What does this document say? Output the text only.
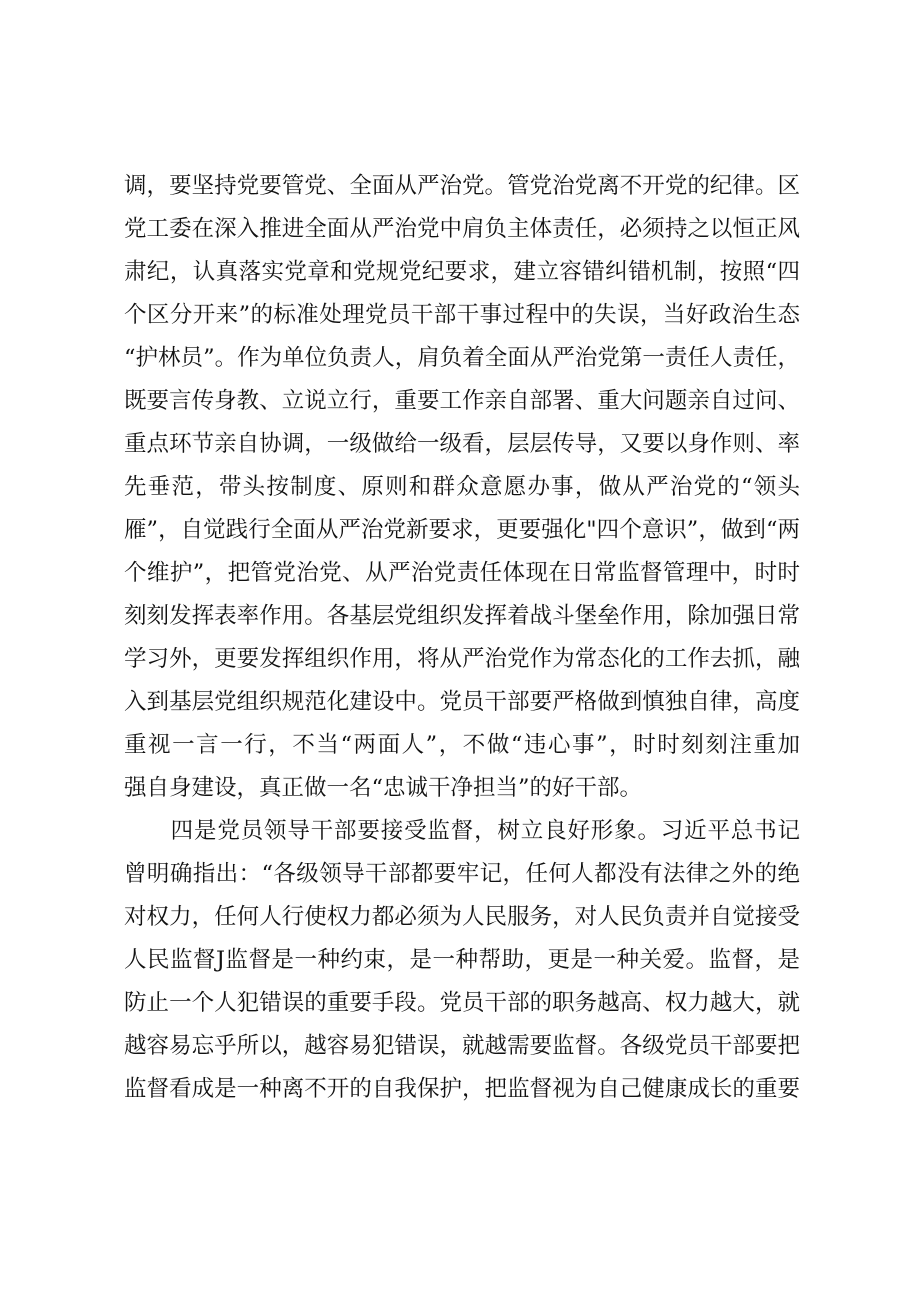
调，要坚持党要管党、全面从严治党。管党治党离不开党的纪律。区
党工委在深入推进全面从严治党中肩负主体责任，必须持之以恒正风
肃纪，认真落实党章和党规党纪要求，建立容错纠错机制，按照“四
个区分开来”的标准处理党员干部干事过程中的失误，当好政治生态
“护林员”。作为单位负责人，肩负着全面从严治党第一责任人责任，
既要言传身教、立说立行，重要工作亲自部署、重大问题亲自过问、
重点环节亲自协调，一级做给一级看，层层传导，又要以身作则、率
先垂范，带头按制度、原则和群众意愿办事，做从严治党的“领头
雁”，自觉践行全面从严治党新要求，更要强化"四个意识”，做到“两
个维护”，把管党治党、从严治党责任体现在日常监督管理中，时时
刻刻发挥表率作用。各基层党组织发挥着战斗堡垒作用，除加强日常
学习外，更要发挥组织作用，将从严治党作为常态化的工作去抓，融
入到基层党组织规范化建设中。党员干部要严格做到慎独自律，高度
重视一言一行，不当“两面人”，不做“违心事”，时时刻刻注重加
强自身建设，真正做一名“忠诚干净担当”的好干部。
　　四是党员领导干部要接受监督，树立良好形象。习近平总书记
曾明确指出：“各级领导干部都要牢记，任何人都没有法律之外的绝
对权力，任何人行使权力都必须为人民服务，对人民负责并自觉接受
人民监督J监督是一种约束，是一种帮助，更是一种关爱。监督，是
防止一个人犯错误的重要手段。党员干部的职务越高、权力越大，就
越容易忘乎所以，越容易犯错误，就越需要监督。各级党员干部要把
监督看成是一种离不开的自我保护，把监督视为自己健康成长的重要
